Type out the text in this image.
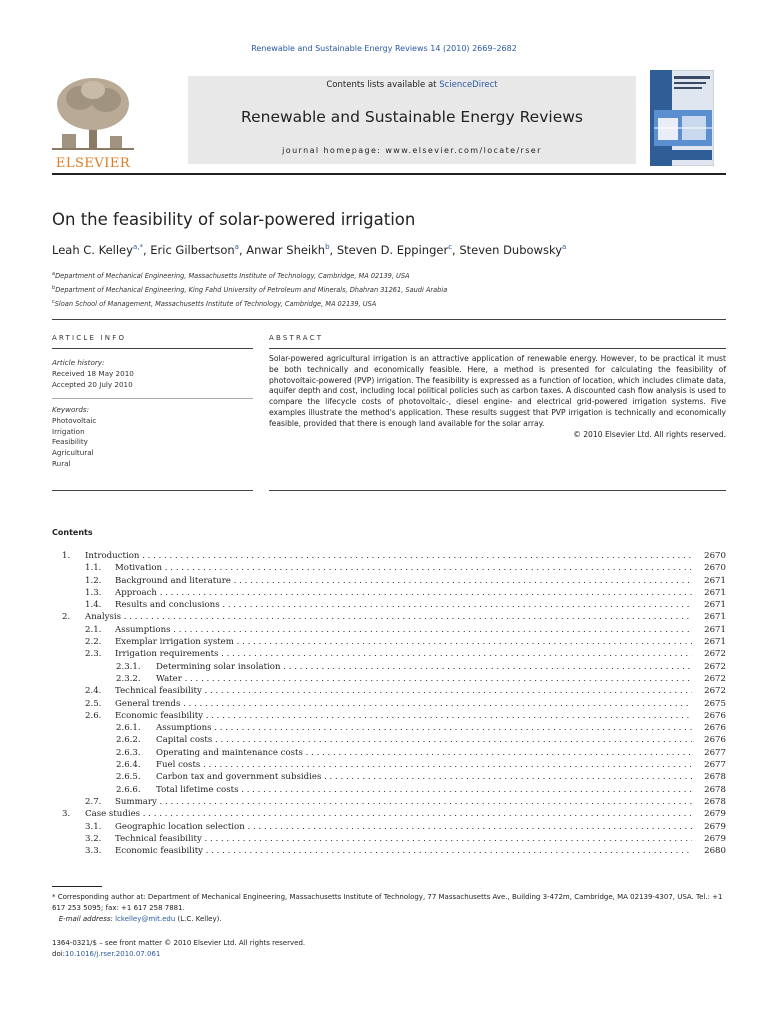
Renewable and Sustainable Energy Reviews 14 (2010) 2669–2682
ELSEVIER
Contents lists available at ScienceDirect
Renewable and Sustainable Energy Reviews
journal homepage: www.elsevier.com/locate/rser
On the feasibility of solar-powered irrigation
Leah C. Kelley$^{a,*}$, Eric Gilbertson$^a$, Anwar Sheikh$^b$, Steven D. Eppinger$^c$, Steven Dubowsky$^a$
$^a$Department of Mechanical Engineering, Massachusetts Institute of Technology, Cambridge, MA 02139, USA
$^b$Department of Mechanical Engineering, King Fahd University of Petroleum and Minerals, Dhahran 31261, Saudi Arabia
$^c$Sloan School of Management, Massachusetts Institute of Technology, Cambridge, MA 02139, USA
ARTICLE INFO	ABSTRACT
Article history:
Received 18 May 2010
Accepted 20 July 2010
Keywords:
Photovoltaic
Irrigation
Feasibility
Agricultural
Rural
Solar-powered agricultural irrigation is an attractive application of renewable energy. However, to be practical it must be both technically and economically feasible. Here, a method is presented for calculating the feasibility of photovoltaic-powered (PVP) irrigation. The feasibility is expressed as a function of location, which includes climate data, aquifer depth and cost, including local political policies such as carbon taxes. A discounted cash flow analysis is used to compare the lifecycle costs of photovoltaic-, diesel engine- and electrical grid-powered irrigation systems. Five examples illustrate the method's application. These results suggest that PVP irrigation is technically and economically feasible, provided that there is enough land available for the solar array.
© 2010 Elsevier Ltd. All rights reserved.
Contents
1. Introduction . . .	2670
1.1. Motivation . . .	2670
1.2. Background and literature . . .	2671
1.3. Approach . . .	2671
1.4. Results and conclusions . . .	2671
2. Analysis . . .	2671
2.1. Assumptions . . .	2671
2.2. Exemplar irrigation system . . .	2671
2.3. Irrigation requirements . . .	2672
2.3.1. Determining solar insolation . . .	2672
2.3.2. Water . . .	2672
2.4. Technical feasibility . . .	2672
2.5. General trends . . .	2675
2.6. Economic feasibility . . .	2676
2.6.1. Assumptions . . .	2676
2.6.2. Capital costs . . .	2676
2.6.3. Operating and maintenance costs . . .	2677
2.6.4. Fuel costs . . .	2677
2.6.5. Carbon tax and government subsidies . . .	2678
2.6.6. Total lifetime costs . . .	2678
2.7. Summary . . .	2678
3. Case studies . . .	2679
3.1. Geographic location selection . . .	2679
3.2. Technical feasibility . . .	2679
3.3. Economic feasibility . . .	2680
* Corresponding author at: Department of Mechanical Engineering, Massachusetts Institute of Technology, 77 Massachusetts Ave., Building 3-472m, Cambridge, MA 02139-4307, USA. Tel.: +1 617 253 5095; fax: +1 617 258 7881.
E-mail address: lckelley@mit.edu (L.C. Kelley).
1364-0321/$ – see front matter © 2010 Elsevier Ltd. All rights reserved.
doi:10.1016/j.rser.2010.07.061
